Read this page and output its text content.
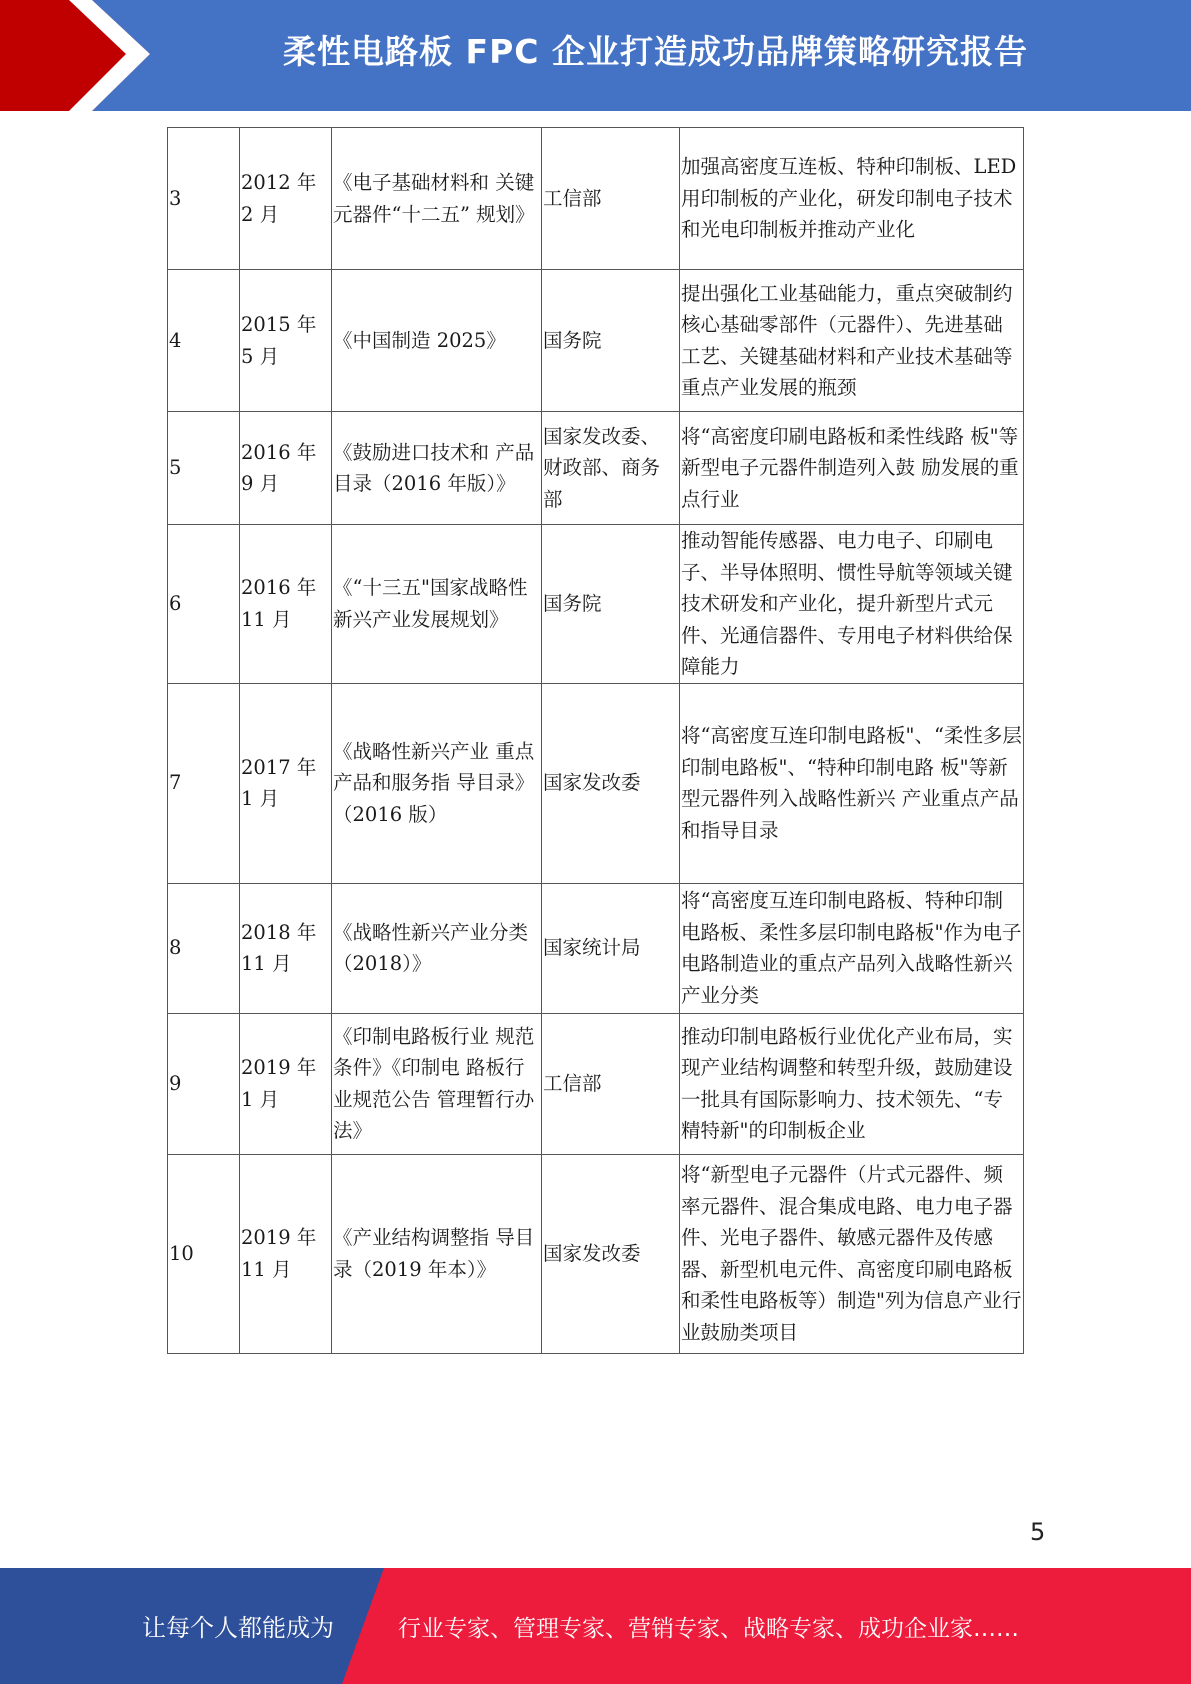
柔性电路板 FPC 企业打造成功品牌策略研究报告
3	2012 年 2 月	《电子基础材料和 关键元器件“十二五” 规划》	工信部	加强高密度互连板、特种印制板、LED 用印制板的产业化，研发印制电子技术和光电印制板并推动产业化
4	2015 年 5 月	《中国制造 2025》	国务院	提出强化工业基础能力，重点突破制约核心基础零部件（元器件）、先进基础工艺、关键基础材料和产业技术基础等重点产业发展的瓶颈
5	2016 年 9 月	《鼓励进口技术和 产品目录（2016 年版）》	国家发改委、财政部、商务部	将“高密度印刷电路板和柔性线路 板"等新型电子元器件制造列入鼓 励发展的重点行业
6	2016 年 11 月	《“十三五"国家战略性新兴产业发展规划》	国务院	推动智能传感器、电力电子、印刷电子、半导体照明、惯性导航等领域关键技术研发和产业化，提升新型片式元件、光通信器件、专用电子材料供给保障能力
7	2017 年 1 月	《战略性新兴产业 重点产品和服务指 导目录》（2016 版）	国家发改委	将“高密度互连印制电路板"、“柔性多层印制电路板"、“特种印制电路 板"等新型元器件列入战略性新兴 产业重点产品和指导目录
8	2018 年 11 月	《战略性新兴产业分类（2018）》	国家统计局	将“高密度互连印制电路板、特种印制电路板、柔性多层印制电路板"作为电子电路制造业的重点产品列入战略性新兴产业分类
9	2019 年 1 月	《印制电路板行业 规范条件》《印制电 路板行业规范公告 管理暂行办法》	工信部	推动印制电路板行业优化产业布局，实现产业结构调整和转型升级，鼓励建设一批具有国际影响力、技术领先、“专精特新"的印制板企业
10	2019 年 11 月	《产业结构调整指 导目录（2019 年本）》	国家发改委	将“新型电子元器件（片式元器件、频率元器件、混合集成电路、电力电子器件、光电子器件、敏感元器件及传感器、新型机电元件、高密度印刷电路板和柔性电路板等）制造"列为信息产业行业鼓励类项目
5
让每个人都能成为	行业专家、管理专家、营销专家、战略专家、成功企业家……
